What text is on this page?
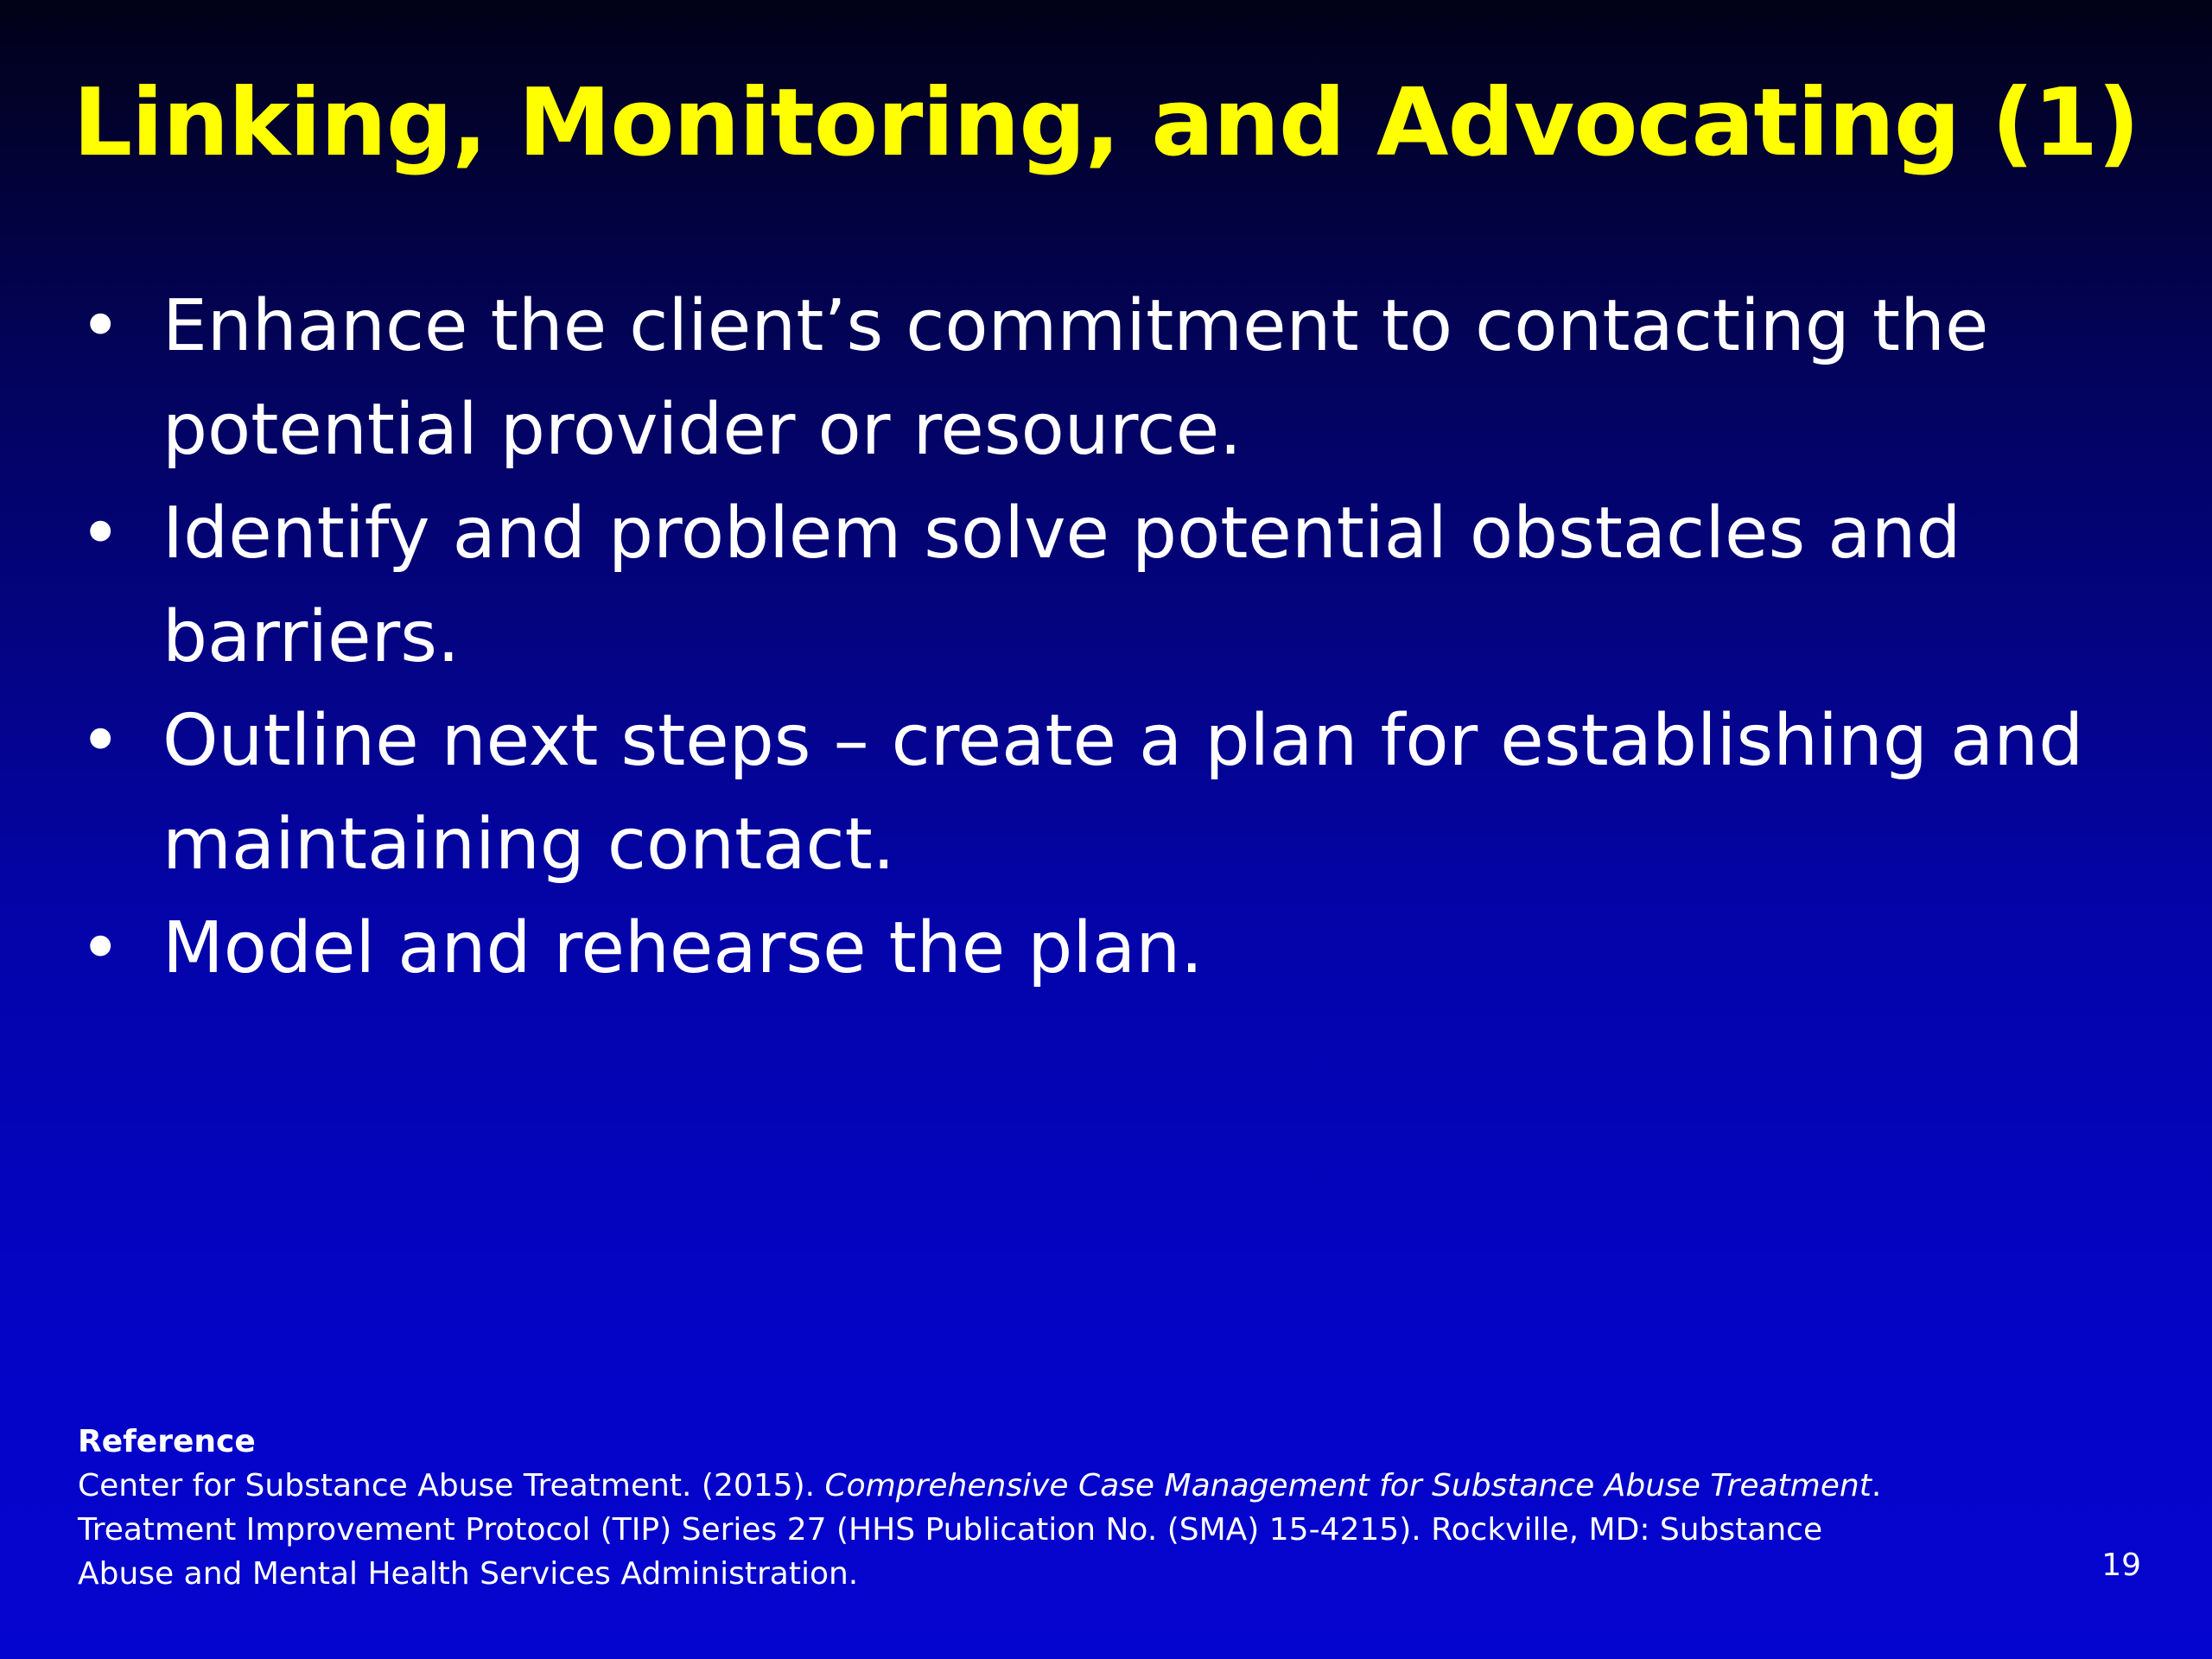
Linking, Monitoring, and Advocating (1)
• Enhance the client’s commitment to contacting the
potential provider or resource.
• Identify and problem solve potential obstacles and
barriers.
• Outline next steps – create a plan for establishing and
maintaining contact.
• Model and rehearse the plan.
Reference
Center for Substance Abuse Treatment. (2015). Comprehensive Case Management for Substance Abuse Treatment.
Treatment Improvement Protocol (TIP) Series 27 (HHS Publication No. (SMA) 15-4215). Rockville, MD: Substance
Abuse and Mental Health Services Administration.	19
